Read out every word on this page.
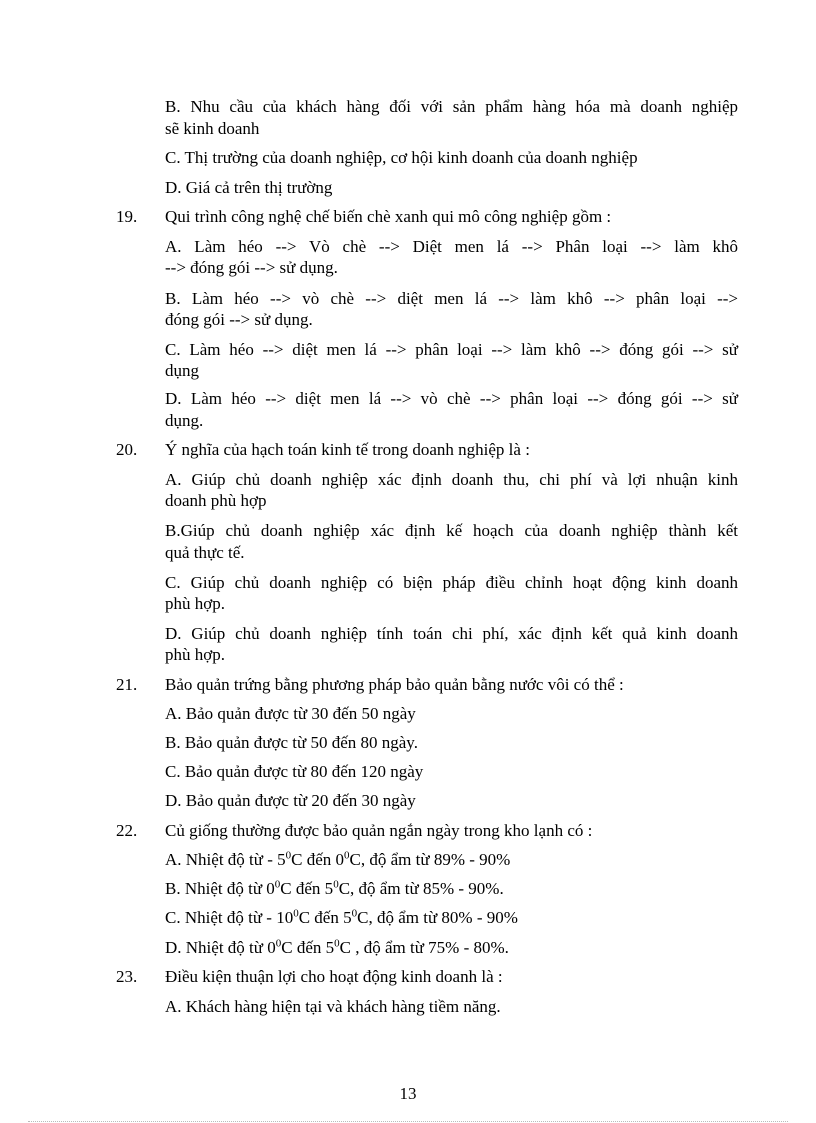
B. Nhu cầu của khách hàng đối với sản phẩm hàng hóa mà doanh nghiệp
sẽ kinh doanh
C. Thị trường của doanh nghiệp, cơ hội kinh doanh của doanh nghiệp
D. Giá cả trên thị trường
19. Qui trình công nghệ chế biến chè xanh qui mô công nghiệp gồm :
A. Làm héo --> Vò chè --> Diệt men lá --> Phân loại --> làm khô
--> đóng gói --> sử dụng.
B. Làm héo --> vò chè --> diệt men lá --> làm khô --> phân loại -->
đóng gói --> sử dụng.
C. Làm héo --> diệt men lá --> phân loại --> làm khô --> đóng gói --> sử
dụng
D. Làm héo --> diệt men lá --> vò chè --> phân loại --> đóng gói --> sử
dụng.
20. Ý nghĩa của hạch toán kinh tế trong doanh nghiệp là :
A. Giúp chủ doanh nghiệp xác định doanh thu, chi phí và lợi nhuận kinh
doanh phù hợp
B.Giúp chủ doanh nghiệp xác định kế hoạch của doanh nghiệp thành kết
quả thực tế.
C. Giúp chủ doanh nghiệp có biện pháp điều chỉnh hoạt động kinh doanh
phù hợp.
D. Giúp chủ doanh nghiệp tính toán chi phí, xác định kết quả kinh doanh
phù hợp.
21. Bảo quản trứng bằng phương pháp bảo quản bằng nước vôi có thể :
A. Bảo quản được từ 30 đến 50 ngày
B. Bảo quản được từ 50 đến 80 ngày.
C. Bảo quản được từ 80 đến 120 ngày
D. Bảo quản được từ 20 đến 30 ngày
22. Củ giống thường được bảo quản ngắn ngày trong kho lạnh có :
A. Nhiệt độ từ - $5^0C$ đến $0^0C$, độ ẩm từ 89% - 90%
B. Nhiệt độ từ $0^0C$ đến $5^0C$, độ ẩm từ 85% - 90%.
C. Nhiệt độ từ - $10^0C$ đến $5^0C$, độ ẩm từ 80% - 90%
D. Nhiệt độ từ $0^0C$ đến $5^0C$ , độ ẩm từ 75% - 80%.
23. Điều kiện thuận lợi cho hoạt động kinh doanh là :
A. Khách hàng hiện tại và khách hàng tiềm năng.
13
